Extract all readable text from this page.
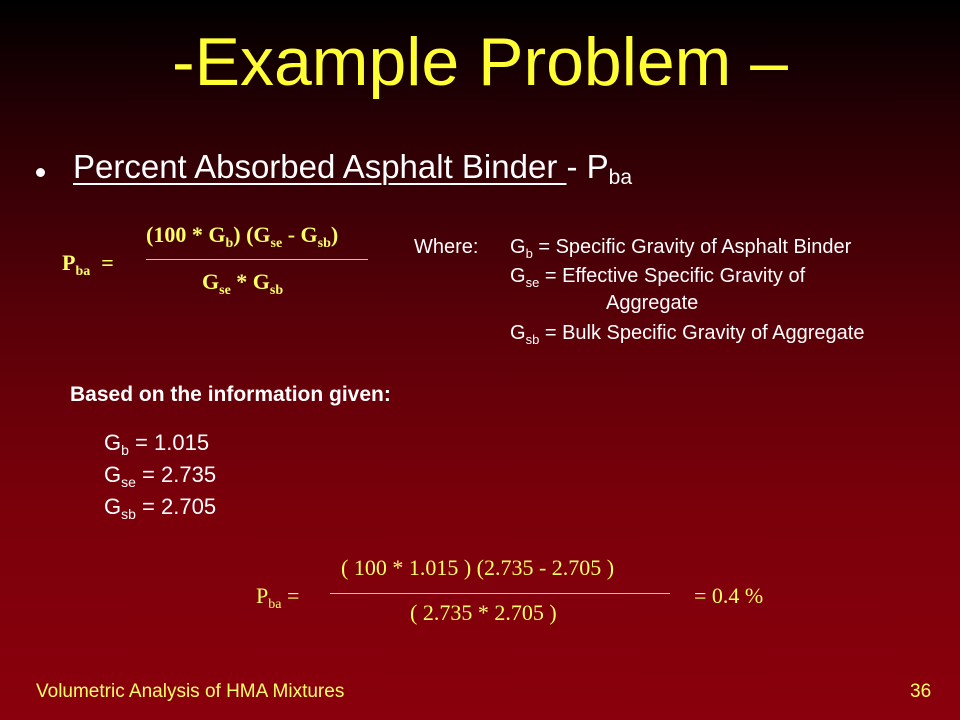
-Example Problem –
Percent Absorbed Asphalt Binder - $P_{ba}$
$P_{ba}$ =
$(100 * G_b)$ $(G_{se} - G_{sb})$
$G_{se} * G_{sb}$
Where: $G_b$ = Specific Gravity of Asphalt Binder
$G_{se}$ = Effective Specific Gravity of
Aggregate
$G_{sb}$ = Bulk Specific Gravity of Aggregate
Based on the information given:
$G_b = 1.015$
$G_{se} = 2.735$
$G_{sb} = 2.705$
$P_{ba}$ =
( 100 * 1.015 ) (2.735 - 2.705 )
( 2.735 * 2.705 )
= 0.4 %
Volumetric Analysis of HMA Mixtures	36
